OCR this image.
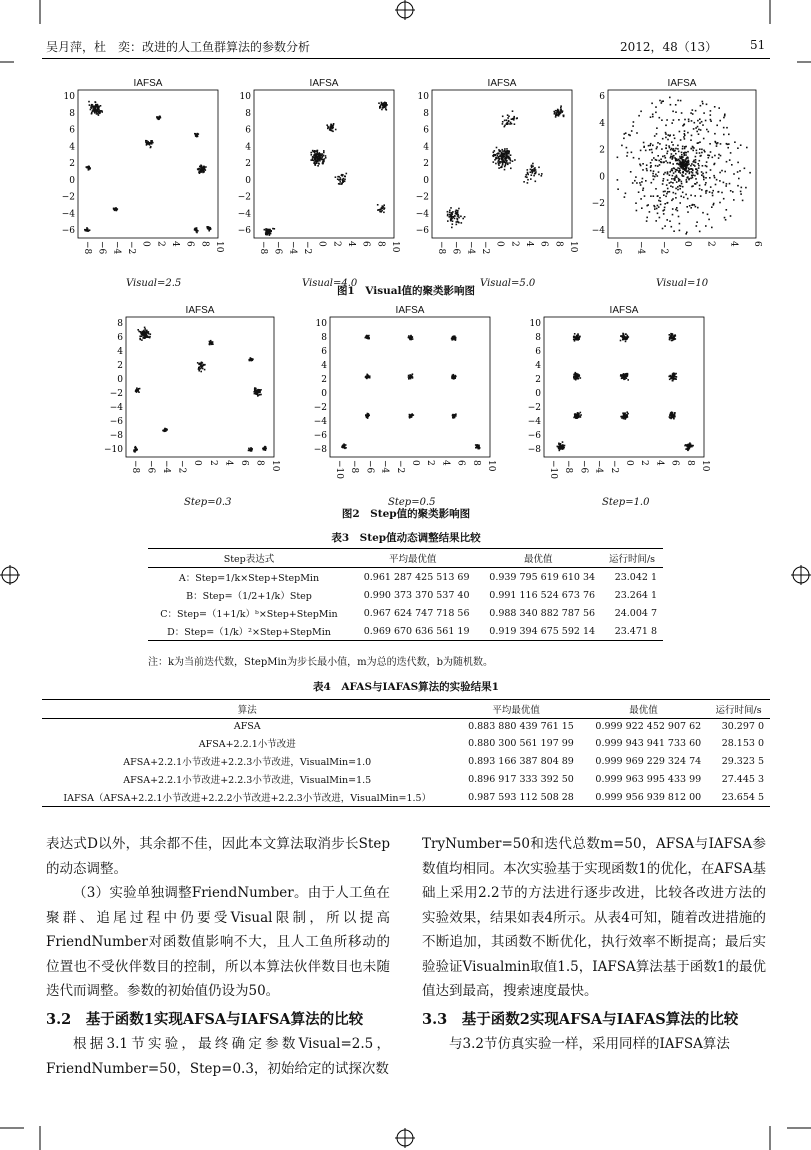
吴月萍，杜　奕：改进的人工鱼群算法的参数分析	2012，48（13）	51
图1　Visual值的聚类影响图
图2　Step值的聚类影响图
表3　Step值动态调整结果比较
Step表达式	平均最优值	最优值	运行时间/s
A：Step=1/k×Step+StepMin	0.961 287 425 513 69	0.939 795 619 610 34	23.042 1
B：Step=（1/2+1/k）Step	0.990 373 370 537 40	0.991 116 524 673 76	23.264 1
C：Step=（1+1/k）ᵇ×Step+StepMin	0.967 624 747 718 56	0.988 340 882 787 56	24.004 7
D：Step=（1/k）²×Step+StepMin	0.969 670 636 561 19	0.919 394 675 592 14	23.471 8
注：k为当前迭代数，StepMin为步长最小值，m为总的迭代数，b为随机数。
表4　AFAS与IAFAS算法的实验结果1
算法	平均最优值	最优值	运行时间/s
AFSA	0.883 880 439 761 15	0.999 922 452 907 62	30.297 0
AFSA+2.2.1小节改进	0.880 300 561 197 99	0.999 943 941 733 60	28.153 0
AFSA+2.2.1小节改进+2.2.3小节改进，VisualMin=1.0	0.893 166 387 804 89	0.999 969 229 324 74	29.323 5
AFSA+2.2.1小节改进+2.2.3小节改进，VisualMin=1.5	0.896 917 333 392 50	0.999 963 995 433 99	27.445 3
IAFSA（AFSA+2.2.1小节改进+2.2.2小节改进+2.2.3小节改进，VisualMin=1.5）	0.987 593 112 508 28	0.999 956 939 812 00	23.654 5

表达式D以外，其余都不佳，因此本文算法取消步长Step的动态调整。

（3）实验单独调整FriendNumber。由于人工鱼在聚群、追尾过程中仍要受Visual限制，所以提高FriendNumber对函数值影响不大，且人工鱼所移动的位置也不受伙伴数目的控制，所以本算法伙伴数目也未随迭代而调整。参数的初始值仍设为50。

3.2　基于函数1实现AFSA与IAFSA算法的比较

根据3.1节实验，最终确定参数Visual=2.5，FriendNumber=50，Step=0.3，初始给定的试探次数

TryNumber=50和迭代总数m=50，AFSA与IAFSA参数值均相同。本次实验基于实现函数1的优化，在AFSA基础上采用2.2节的方法进行逐步改进，比较各改进方法的实验效果，结果如表4所示。从表4可知，随着改进措施的不断追加，其函数不断优化，执行效率不断提高；最后实验验证Visualmin取值1.5，IAFSA算法基于函数1的最优值达到最高，搜索速度最快。

3.3　基于函数2实现AFSA与IAFAS算法的比较

与3.2节仿真实验一样，采用同样的IAFSA算法

IAFSA
10
8
6
4
2
0
−2
−4
−6
−8 −6 −4 −2 0 2 4 6 8 10
Visual=2.5
IAFSA
10
8
6
4
2
0
−2
−4
−6
−8 −6 −4 −2 0 2 4 6 8 10
Visual=4.0
IAFSA
10
8
6
4
2
0
−2
−4
−6
−8 −6 −4 −2 0 2 4 6 8 10
Visual=5.0
IAFSA
6
4
2
0
−2
−4
−6 −4 −2 0 2 4 6
Visual=10
IAFSA
8
6
4
2
0
−2
−4
−6
−8
−10
−8 −6 −4 −2 0 2 4 6 8 10
Step=0.3
IAFSA
10
8
6
4
2
0
−2
−4
−6
−8
−10 −8 −6 −4 −2 0 2 4 6 8 10
Step=0.5
IAFSA
10
8
6
4
2
0
−2
−4
−6
−8
−10 −8 −6 −4 −2 0 2 4 6 8 10
Step=1.0
